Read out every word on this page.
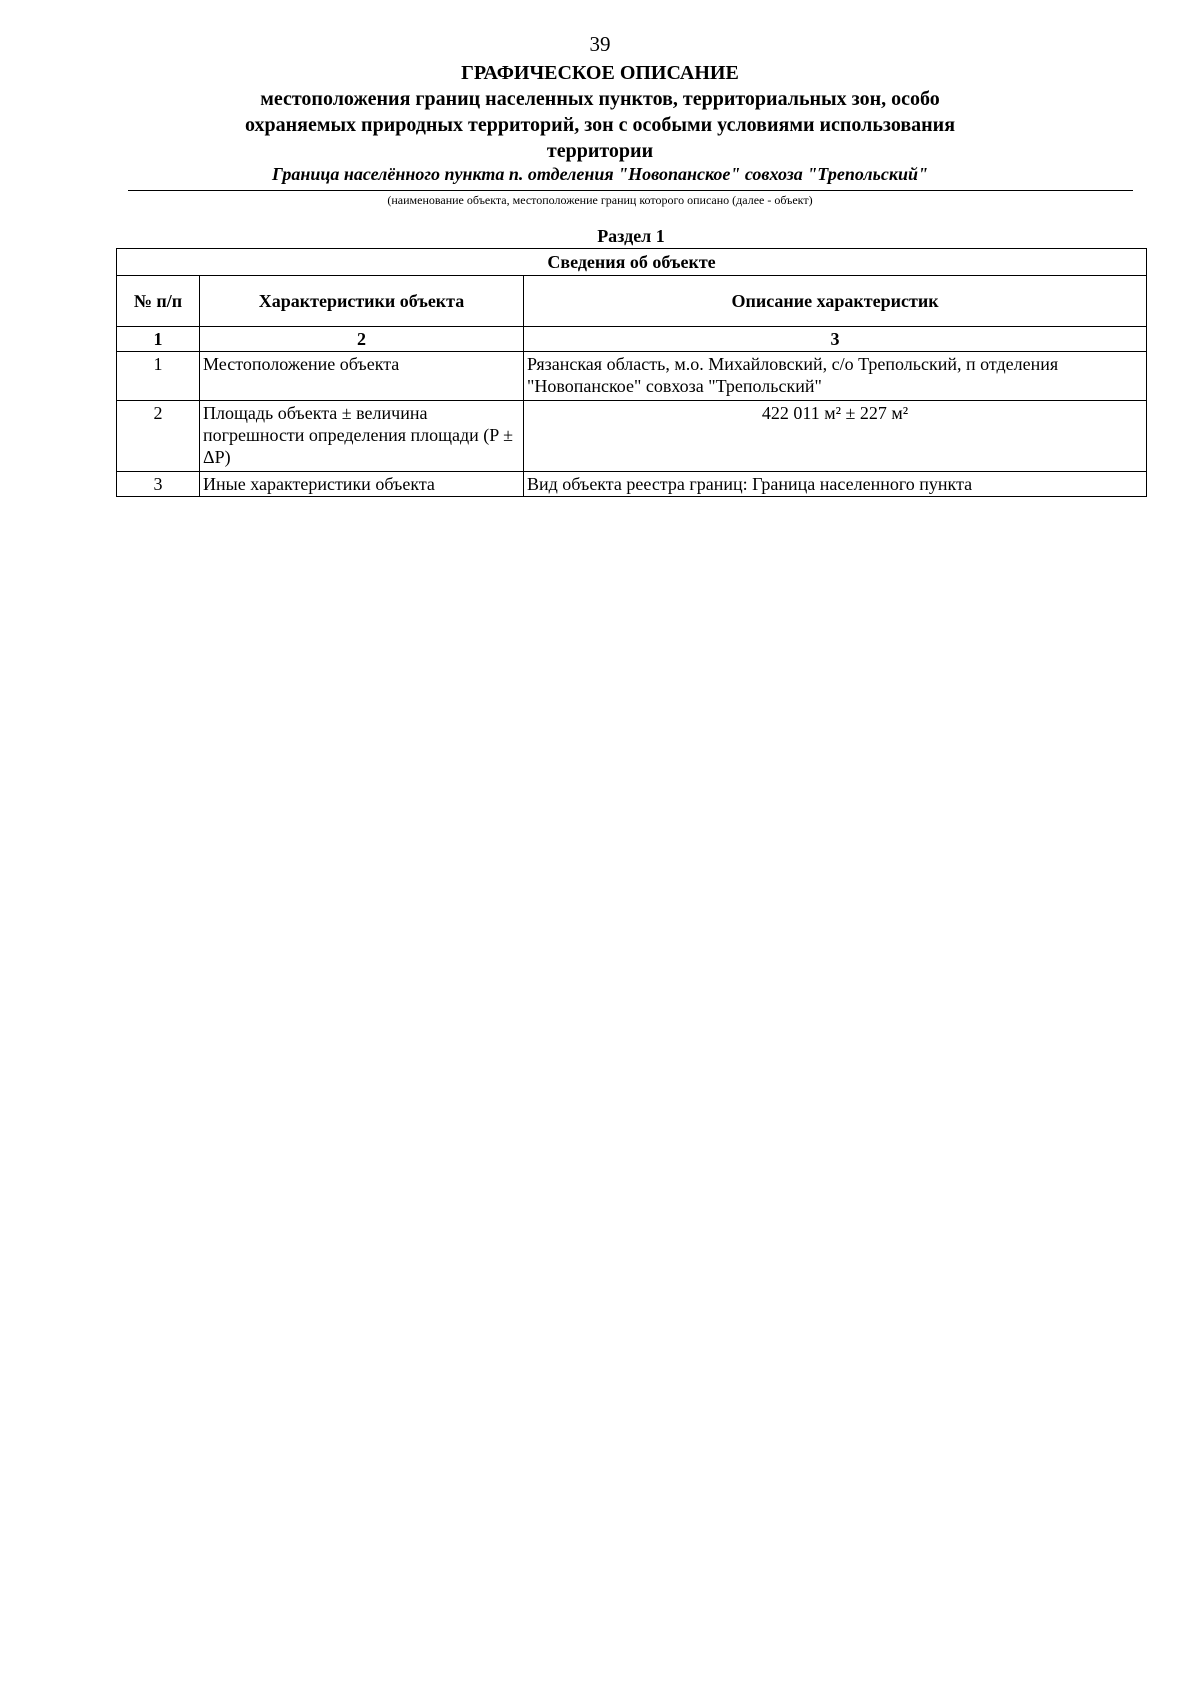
39
ГРАФИЧЕСКОЕ ОПИСАНИЕ
местоположения границ населенных пунктов, территориальных зон, особо охраняемых природных территорий, зон с особыми условиями использования территории
Граница населённого пункта п. отделения "Новопанское" совхоза "Трепольский"
(наименование объекта, местоположение границ которого описано (далее - объект)
Раздел 1
Сведения об объекте		
№ п/п	Характеристики объекта	Описание характеристик
1	2	3
1	Местоположение объекта	Рязанская область, м.о. Михайловский, с/о Трепольский, п отделения "Новопанское" совхоза "Трепольский"
2	Площадь объекта ± величина погрешности определения площади (P ± ΔP)	422 011 м² ± 227 м²
3	Иные характеристики объекта	Вид объекта реестра границ: Граница населенного пункта
